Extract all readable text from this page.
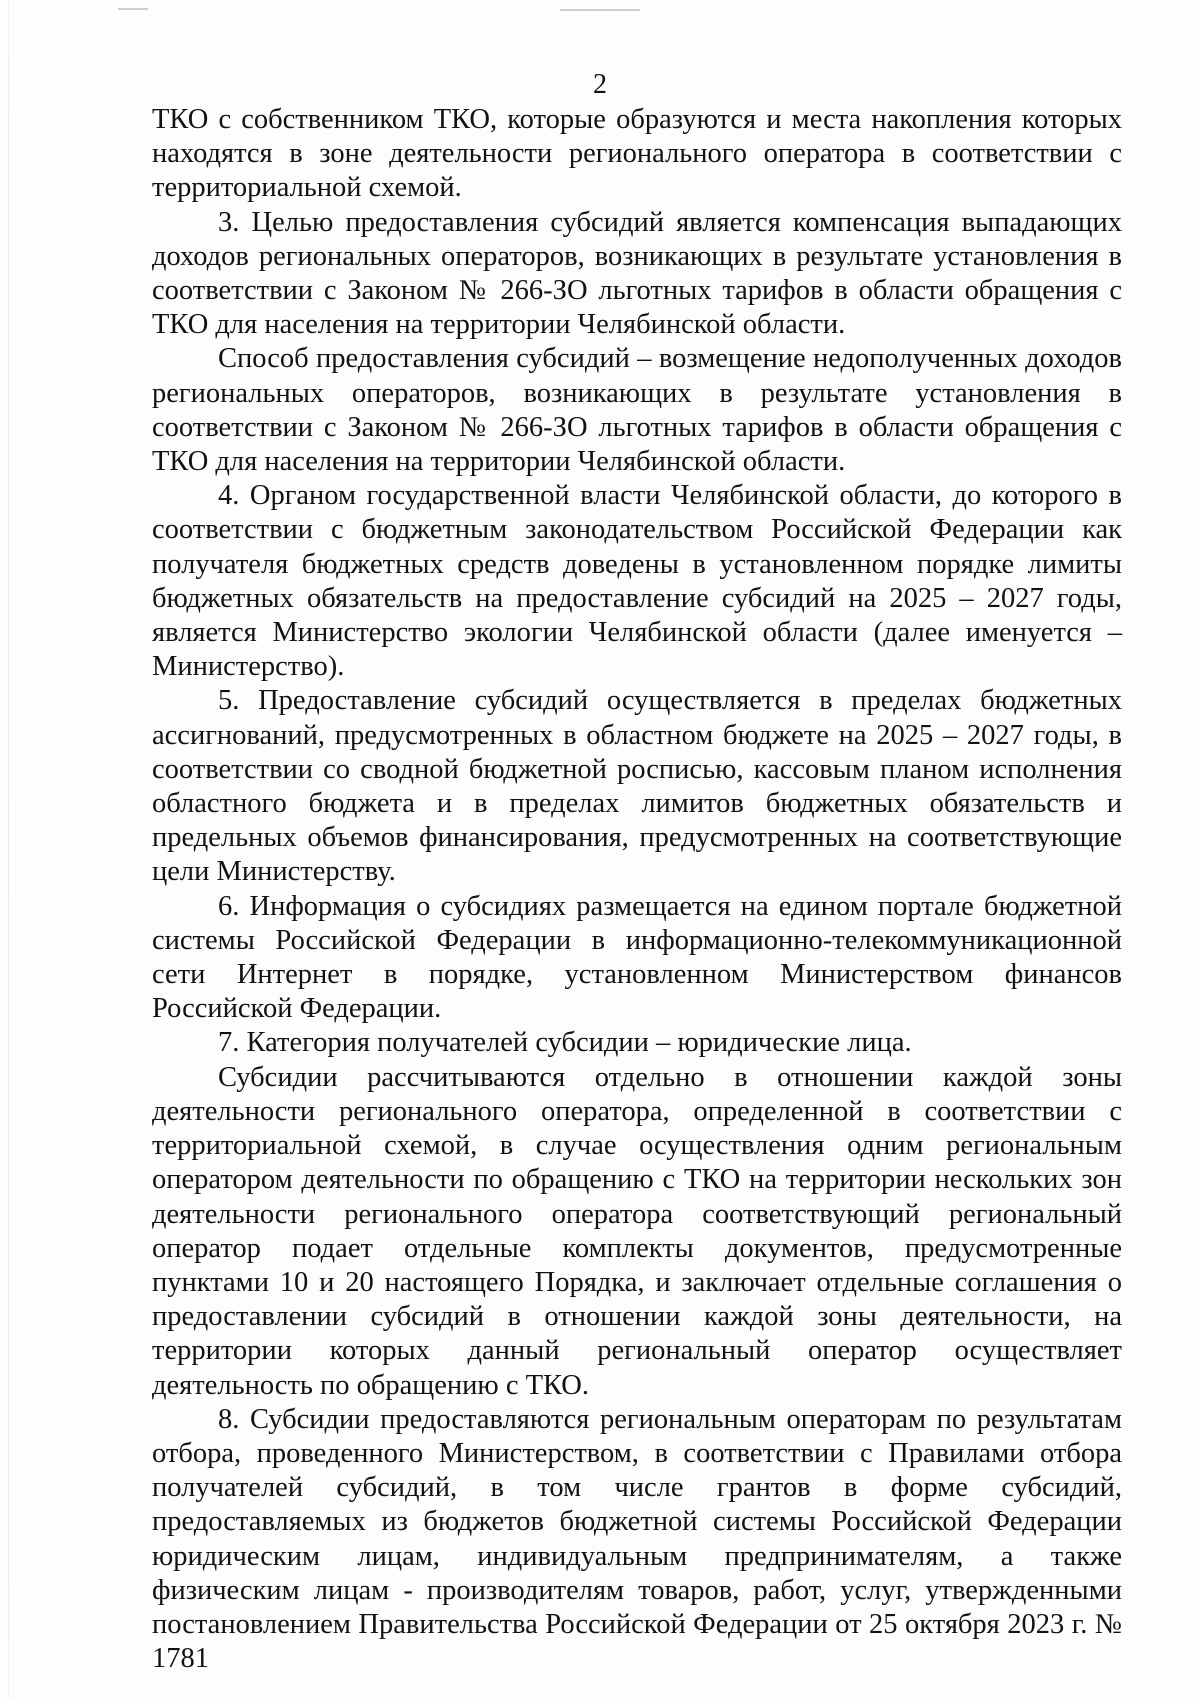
2

ТКО с собственником ТКО, которые образуются и места накопления которых находятся в зоне деятельности регионального оператора в соответствии с территориальной схемой.

3. Целью предоставления субсидий является компенсация выпадающих доходов региональных операторов, возникающих в результате установления в соответствии с Законом № 266-ЗО льготных тарифов в области обращения с ТКО для населения на территории Челябинской области.

Способ предоставления субсидий – возмещение недополученных доходов региональных операторов, возникающих в результате установления в соответствии с Законом № 266-ЗО льготных тарифов в области обращения с ТКО для населения на территории Челябинской области.

4. Органом государственной власти Челябинской области, до которого в соответствии с бюджетным законодательством Российской Федерации как получателя бюджетных средств доведены в установленном порядке лимиты бюджетных обязательств на предоставление субсидий на 2025 – 2027 годы, является Министерство экологии Челябинской области (далее именуется – Министерство).

5. Предоставление субсидий осуществляется в пределах бюджетных ассигнований, предусмотренных в областном бюджете на 2025 – 2027 годы, в соответствии со сводной бюджетной росписью, кассовым планом исполнения областного бюджета и в пределах лимитов бюджетных обязательств и предельных объемов финансирования, предусмотренных на соответствующие цели Министерству.

6. Информация о субсидиях размещается на едином портале бюджетной системы Российской Федерации в информационно-телекоммуникационной сети Интернет в порядке, установленном Министерством финансов Российской Федерации.

7. Категория получателей субсидии – юридические лица.

Субсидии рассчитываются отдельно в отношении каждой зоны деятельности регионального оператора, определенной в соответствии с территориальной схемой, в случае осуществления одним региональным оператором деятельности по обращению с ТКО на территории нескольких зон деятельности регионального оператора соответствующий региональный оператор подает отдельные комплекты документов, предусмотренные пунктами 10 и 20 настоящего Порядка, и заключает отдельные соглашения о предоставлении субсидий в отношении каждой зоны деятельности, на территории которых данный региональный оператор осуществляет деятельность по обращению с ТКО.

8. Субсидии предоставляются региональным операторам по результатам отбора, проведенного Министерством, в соответствии с Правилами отбора получателей субсидий, в том числе грантов в форме субсидий, предоставляемых из бюджетов бюджетной системы Российской Федерации юридическим лицам, индивидуальным предпринимателям, а также физическим лицам - производителям товаров, работ, услуг, утвержденными постановлением Правительства Российской Федерации от 25 октября 2023 г. № 1781
